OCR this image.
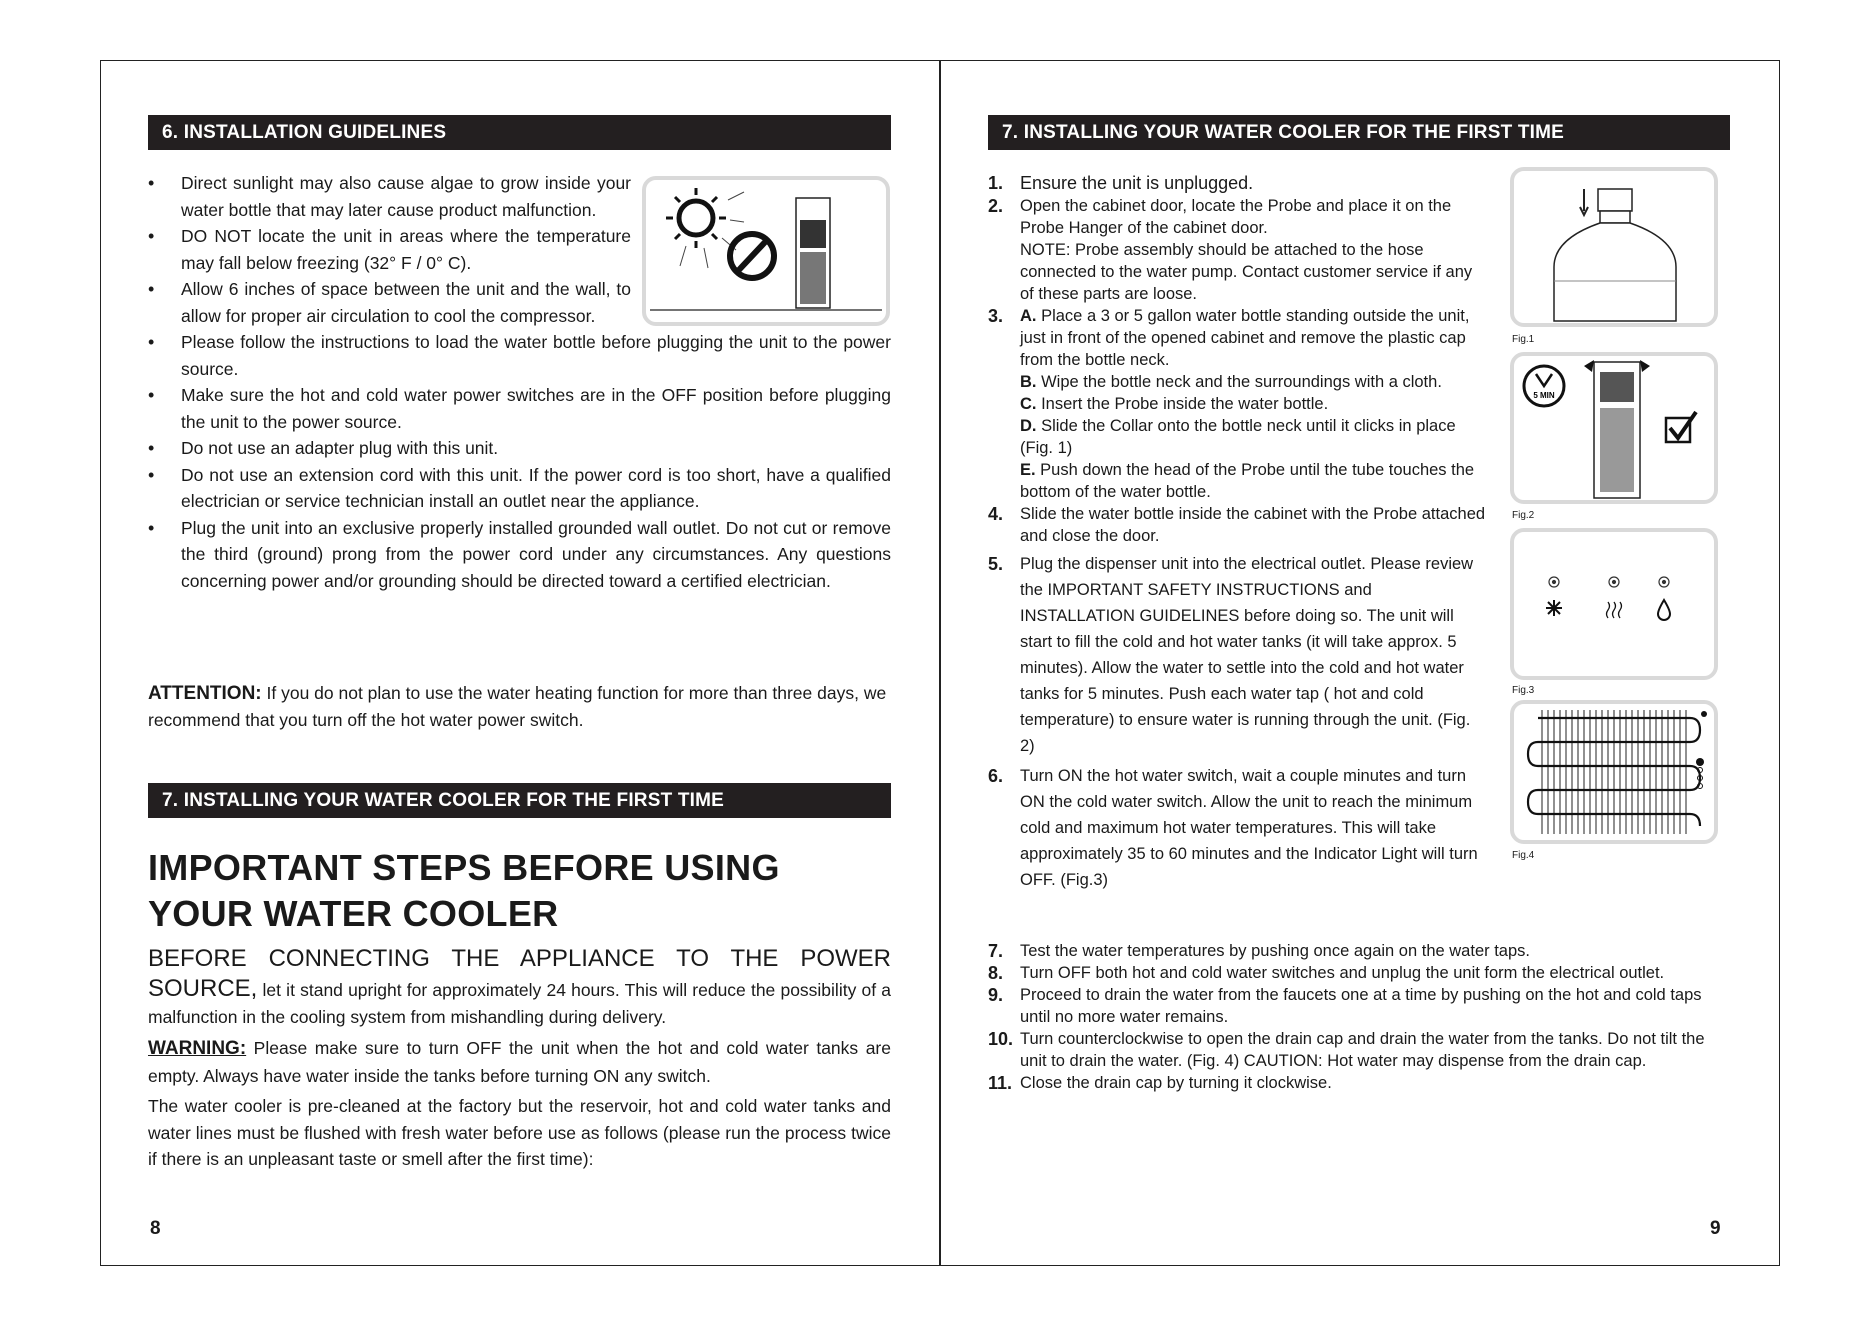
6. INSTALLATION GUIDELINES
• Direct sunlight may also cause algae to grow inside your water bottle that may later cause product malfunction.
• DO NOT locate the unit in areas where the temperature may fall below freezing (32° F / 0° C).
• Allow 6 inches of space between the unit and the wall, to allow for proper air circulation to cool the compressor.
• Please follow the instructions to load the water bottle before plugging the unit to the power source.
• Make sure the hot and cold water power switches are in the OFF position before plugging the unit to the power source.
• Do not use an adapter plug with this unit.
• Do not use an extension cord with this unit. If the power cord is too short, have a qualified electrician or service technician install an outlet near the appliance.
• Plug the unit into an exclusive properly installed grounded wall outlet. Do not cut or remove the third (ground) prong from the power cord under any circumstances. Any questions concerning power and/or grounding should be directed toward a certified electrician.

ATTENTION: If you do not plan to use the water heating function for more than three days, we recommend that you turn off the hot water power switch.

7. INSTALLING YOUR WATER COOLER FOR THE FIRST TIME
IMPORTANT STEPS BEFORE USING YOUR WATER COOLER

BEFORE CONNECTING THE APPLIANCE TO THE POWER SOURCE, let it stand upright for approximately 24 hours. This will reduce the possibility of a malfunction in the cooling system from mishandling during delivery.

WARNING: Please make sure to turn OFF the unit when the hot and cold water tanks are empty. Always have water inside the tanks before turning ON any switch.

The water cooler is pre-cleaned at the factory but the reservoir, hot and cold water tanks and water lines must be flushed with fresh water before use as follows (please run the process twice if there is an unpleasant taste or smell after the first time):

8
7. INSTALLING YOUR WATER COOLER FOR THE FIRST TIME
1. Ensure the unit is unplugged.
2. Open the cabinet door, locate the Probe and place it on the Probe Hanger of the cabinet door.
NOTE: Probe assembly should be attached to the hose connected to the water pump. Contact customer service if any of these parts are loose.
3. A. Place a 3 or 5 gallon water bottle standing outside the unit, just in front of the opened cabinet and remove the plastic cap from the bottle neck.
B. Wipe the bottle neck and the surroundings with a cloth.
C. Insert the Probe inside the water bottle.
D. Slide the Collar onto the bottle neck until it clicks in place (Fig. 1)
E. Push down the head of the Probe until the tube touches the bottom of the water bottle.
4. Slide the water bottle inside the cabinet with the Probe attached and close the door.
5. Plug the dispenser unit into the electrical outlet. Please review the IMPORTANT SAFETY INSTRUCTIONS and INSTALLATION GUIDELINES before doing so. The unit will start to fill the cold and hot water tanks (it will take approx. 5 minutes). Allow the water to settle into the cold and hot water tanks for 5 minutes. Push each water tap ( hot and cold temperature) to ensure water is running through the unit. (Fig. 2)
6. Turn ON the hot water switch, wait a couple minutes and turn ON the cold water switch. Allow the unit to reach the minimum cold and maximum hot water temperatures. This will take approximately 35 to 60 minutes and the Indicator Light will turn OFF. (Fig.3)
7. Test the water temperatures by pushing once again on the water taps.
8. Turn OFF both hot and cold water switches and unplug the unit form the electrical outlet.
9. Proceed to drain the water from the faucets one at a time by pushing on the hot and cold taps until no more water remains.
10. Turn counterclockwise to open the drain cap and drain the water from the tanks. Do not tilt the unit to drain the water. (Fig. 4) CAUTION: Hot water may dispense from the drain cap.
11. Close the drain cap by turning it clockwise.
Fig.1
5 MIN
Fig.2
Fig.3
Fig.4
9
